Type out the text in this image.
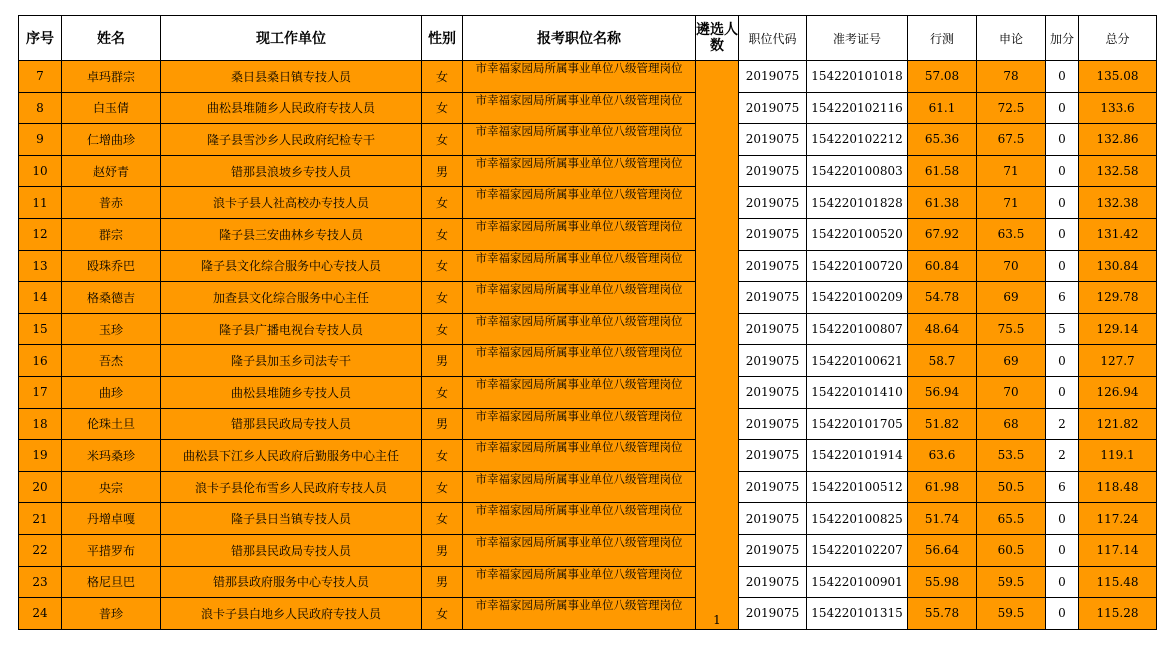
序号	姓名	现工作单位	性别	报考职位名称	遴选人数	职位代码	准考证号	行测	申论	加分	总分
7	卓玛群宗	桑日县桑日镇专技人员	女	市幸福家园局所属事业单位八级管理岗位	1	2019075	154220101018	57.08	78	0	135.08
8	白玉倩	曲松县堆随乡人民政府专技人员	女	市幸福家园局所属事业单位八级管理岗位		2019075	154220102116	61.1	72.5	0	133.6
9	仁增曲珍	隆子县雪沙乡人民政府纪检专干	女	市幸福家园局所属事业单位八级管理岗位		2019075	154220102212	65.36	67.5	0	132.86
10	赵妤青	错那县浪坡乡专技人员	男	市幸福家园局所属事业单位八级管理岗位		2019075	154220100803	61.58	71	0	132.58
11	普赤	浪卡子县人社高校办专技人员	女	市幸福家园局所属事业单位八级管理岗位		2019075	154220101828	61.38	71	0	132.38
12	群宗	隆子县三安曲林乡专技人员	女	市幸福家园局所属事业单位八级管理岗位		2019075	154220100520	67.92	63.5	0	131.42
13	殴珠乔巴	隆子县文化综合服务中心专技人员	女	市幸福家园局所属事业单位八级管理岗位		2019075	154220100720	60.84	70	0	130.84
14	格桑德吉	加查县文化综合服务中心主任	女	市幸福家园局所属事业单位八级管理岗位		2019075	154220100209	54.78	69	6	129.78
15	玉珍	隆子县广播电视台专技人员	女	市幸福家园局所属事业单位八级管理岗位		2019075	154220100807	48.64	75.5	5	129.14
16	吾杰	隆子县加玉乡司法专干	男	市幸福家园局所属事业单位八级管理岗位		2019075	154220100621	58.7	69	0	127.7
17	曲珍	曲松县堆随乡专技人员	女	市幸福家园局所属事业单位八级管理岗位		2019075	154220101410	56.94	70	0	126.94
18	伦珠土旦	错那县民政局专技人员	男	市幸福家园局所属事业单位八级管理岗位		2019075	154220101705	51.82	68	2	121.82
19	米玛桑珍	曲松县下江乡人民政府后勤服务中心主任	女	市幸福家园局所属事业单位八级管理岗位		2019075	154220101914	63.6	53.5	2	119.1
20	央宗	浪卡子县伦布雪乡人民政府专技人员	女	市幸福家园局所属事业单位八级管理岗位		2019075	154220100512	61.98	50.5	6	118.48
21	丹增卓嘎	隆子县日当镇专技人员	女	市幸福家园局所属事业单位八级管理岗位		2019075	154220100825	51.74	65.5	0	117.24
22	平措罗布	错那县民政局专技人员	男	市幸福家园局所属事业单位八级管理岗位		2019075	154220102207	56.64	60.5	0	117.14
23	格尼旦巴	错那县政府服务中心专技人员	男	市幸福家园局所属事业单位八级管理岗位		2019075	154220100901	55.98	59.5	0	115.48
24	普珍	浪卡子县白地乡人民政府专技人员	女	市幸福家园局所属事业单位八级管理岗位		2019075	154220101315	55.78	59.5	0	115.28
